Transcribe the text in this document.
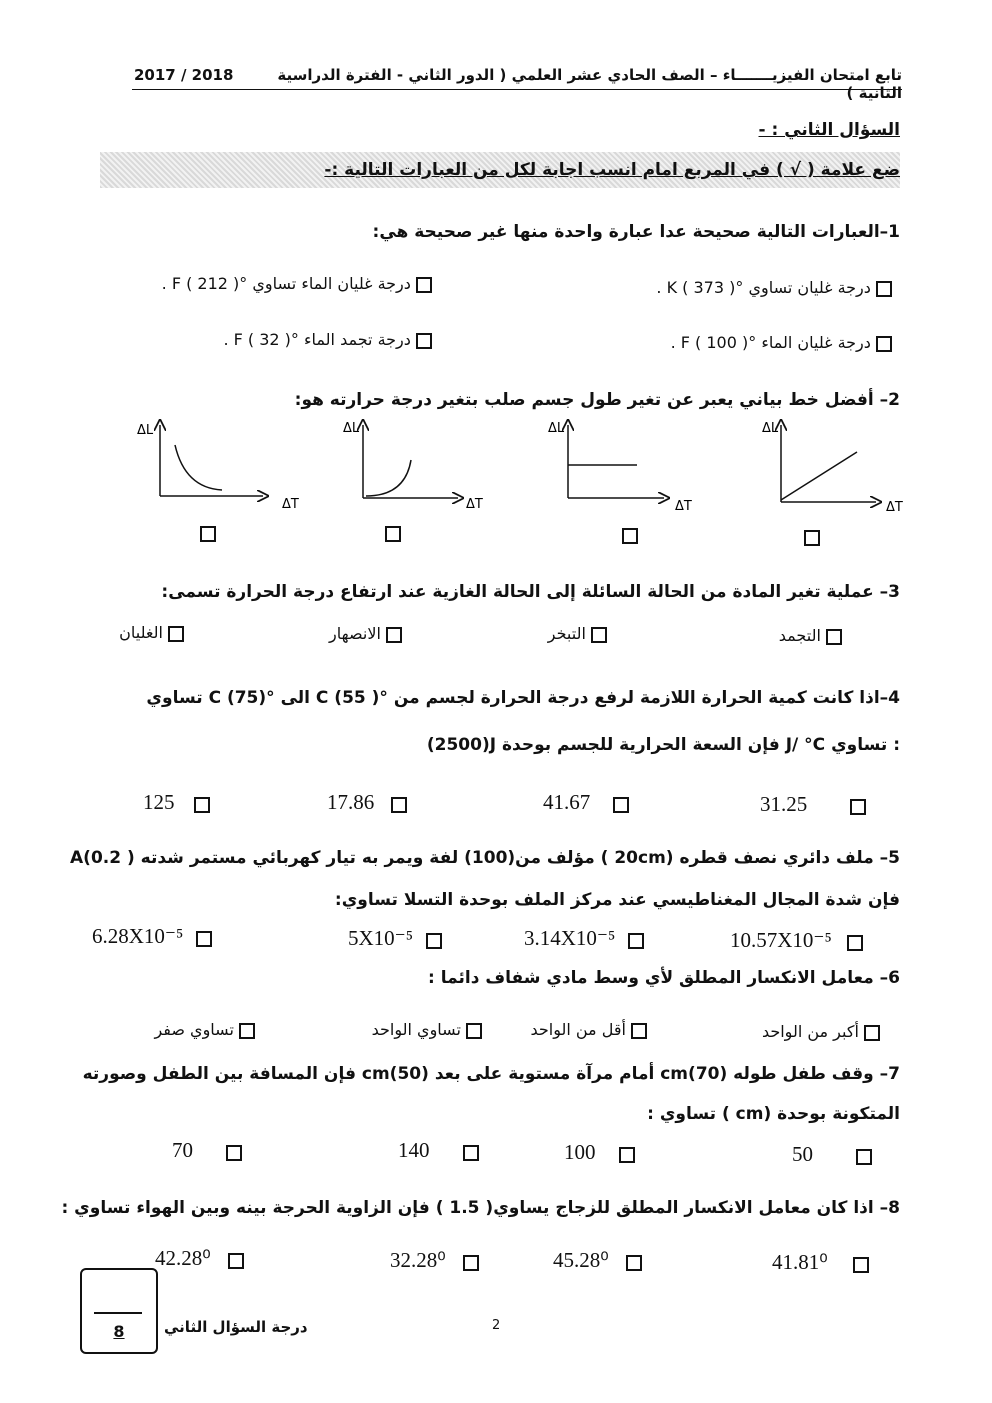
تابع امتحان الفيزيـــــــاء – الصف الحادي عشر العلمي ( الدور الثاني - الفترة الدراسية الثانية )
2017 / 2018
السؤال الثاني : -
ضع علامة ( √ ) في المربع امام انسب اجابة لكل من العبارات التالية :-
1–العبارات التالية صحيحة عدا عبارة واحدة منها غير صحيحة هي:
درجة غليان تساوي °K ( 373 ) .
درجة غليان الماء تساوي °F ( 212 ) .
درجة غليان الماء °F ( 100 ) .
درجة تجمد الماء °F ( 32 ) .
2– أفضل خط بياني يعبر عن تغير طول جسم صلب بتغير درجة حرارته هو:
ΔL
ΔT
ΔL
ΔT
ΔL
ΔT
ΔL
ΔT
3– عملية تغير المادة من الحالة السائلة إلى الحالة الغازية عند ارتفاع درجة الحرارة تسمى:
التجمد
التبخر
الانصهار
الغليان
4–اذا كانت كمية الحرارة اللازمة لرفع درجة الحرارة لجسم من °C (55 ) الى °C (75) تساوي
(2500)J فإن السعة الحرارية للجسم بوحدة J/ °C تساوي :
31.25
41.67
17.86
125
5– ملف دائري نصف قطره (20cm ) مؤلف من(100) لفة ويمر به تيار كهربائي مستمر شدته A(0.2 )
فإن شدة المجال المغناطيسي عند مركز الملف بوحدة التسلا تساوي:
10.57X10⁻⁵
3.14X10⁻⁵
5X10⁻⁵
6.28X10⁻⁵
6– معامل الانكسار المطلق لأي وسط مادي شفاف دائما :
أكبر من الواحد
أقل من الواحد
تساوي الواحد
تساوي صفر
7– وقف طفل طوله (70)cm أمام مرآة مستوية على بعد (50)cm فإن المسافة بين الطفل وصورته
المتكونة بوحدة (cm ) تساوي :
50
100
140
70
8– اذا كان معامل الانكسار المطلق للزجاج يساوي( 1.5 ) فإن الزاوية الحرجة بينه وبين الهواء تساوي :
41.81⁰
45.28⁰
32.28⁰
42.28⁰
8	درجة السؤال الثاني	2
